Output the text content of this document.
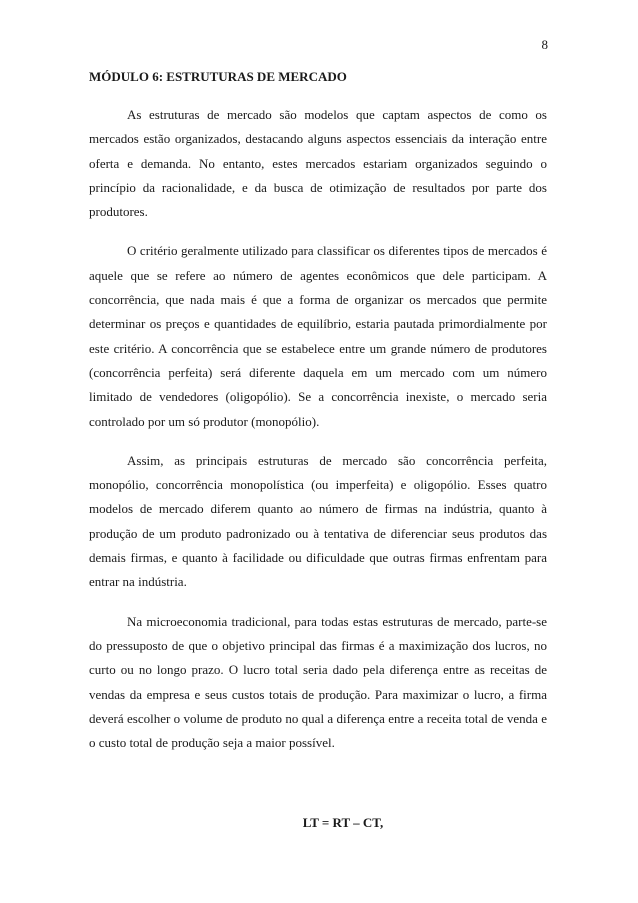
8
MÓDULO 6: ESTRUTURAS DE MERCADO

As estruturas de mercado são modelos que captam aspectos de como os mercados estão organizados, destacando alguns aspectos essenciais da interação entre oferta e demanda. No entanto, estes mercados estariam organizados seguindo o princípio da racionalidade, e da busca de otimização de resultados por parte dos produtores.

O critério geralmente utilizado para classificar os diferentes tipos de mercados é aquele que se refere ao número de agentes econômicos que dele participam. A concorrência, que nada mais é que a forma de organizar os mercados que permite determinar os preços e quantidades de equilíbrio, estaria pautada primordialmente por este critério. A concorrência que se estabelece entre um grande número de produtores (concorrência perfeita) será diferente daquela em um mercado com um número limitado de vendedores (oligopólio). Se a concorrência inexiste, o mercado seria controlado por um só produtor (monopólio).

Assim, as principais estruturas de mercado são concorrência perfeita, monopólio, concorrência monopolística (ou imperfeita) e oligopólio. Esses quatro modelos de mercado diferem quanto ao número de firmas na indústria, quanto à produção de um produto padronizado ou à tentativa de diferenciar seus produtos das demais firmas, e quanto à facilidade ou dificuldade que outras firmas enfrentam para entrar na indústria.

Na microeconomia tradicional, para todas estas estruturas de mercado, parte-se do pressuposto de que o objetivo principal das firmas é a maximização dos lucros, no curto ou no longo prazo. O lucro total seria dado pela diferença entre as receitas de vendas da empresa e seus custos totais de produção. Para maximizar o lucro, a firma deverá escolher o volume de produto no qual a diferença entre a receita total de venda e o custo total de produção seja a maior possível.

LT = RT – CT,
